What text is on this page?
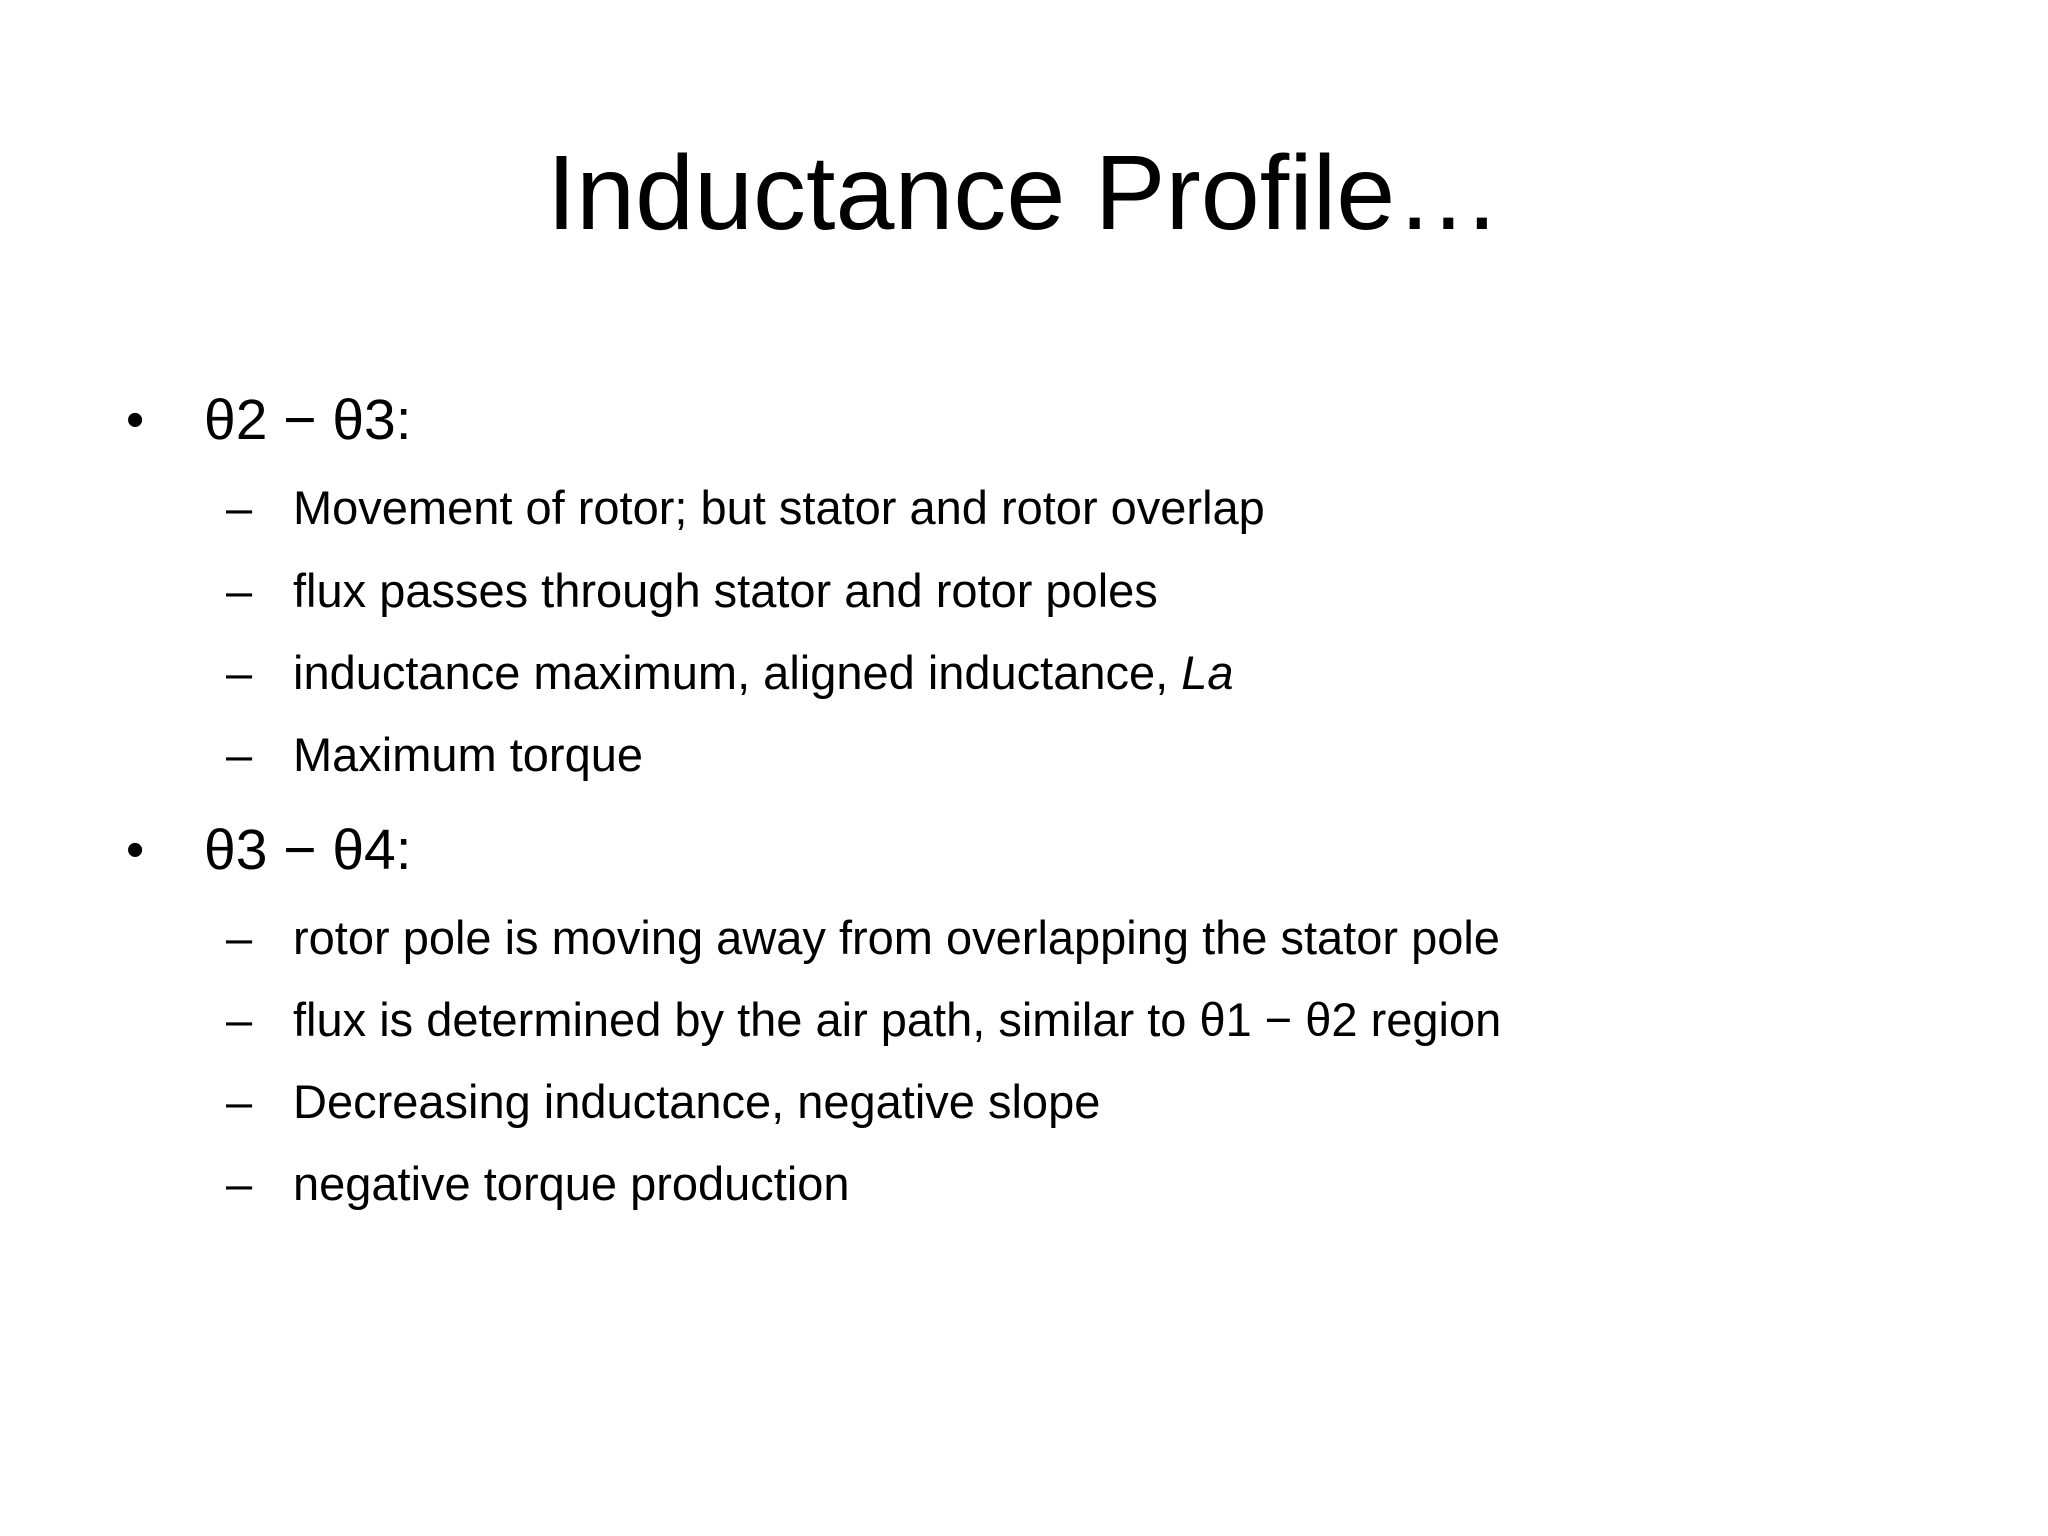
Inductance Profile…
• θ2 − θ3:
– Movement of rotor; but stator and rotor overlap
– flux passes through stator and rotor poles
– inductance maximum, aligned inductance, La
– Maximum torque
• θ3 − θ4:
– rotor pole is moving away from overlapping the stator pole
– flux is determined by the air path, similar to θ1 − θ2 region
– Decreasing inductance, negative slope
– negative torque production
